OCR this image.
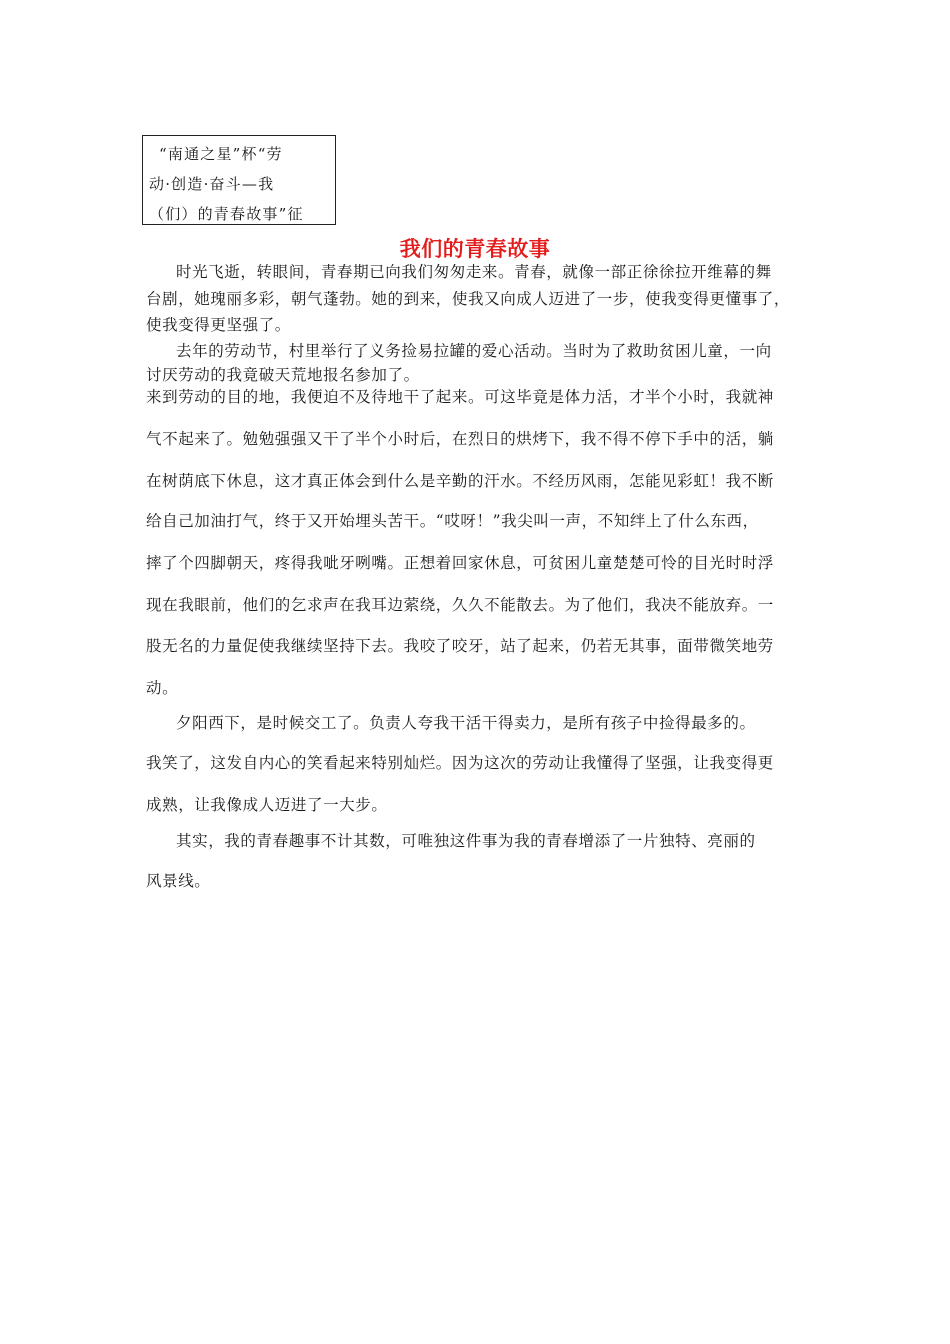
“南通之星”杯“劳
动·创造·奋斗—我
（们）的青春故事”征
我们的青春故事
时光飞逝，转眼间，青春期已向我们匆匆走来。青春，就像一部正徐徐拉开维幕的舞
台剧，她瑰丽多彩，朝气蓬勃。她的到来，使我又向成人迈进了一步，使我变得更懂事了，
使我变得更坚强了。
去年的劳动节，村里举行了义务捡易拉罐的爱心活动。当时为了救助贫困儿童，一向
讨厌劳动的我竟破天荒地报名参加了。
来到劳动的目的地，我便迫不及待地干了起来。可这毕竟是体力活，才半个小时，我就神
气不起来了。勉勉强强又干了半个小时后，在烈日的烘烤下，我不得不停下手中的活，躺
在树荫底下休息，这才真正体会到什么是辛勤的汗水。不经历风雨，怎能见彩虹！我不断
给自己加油打气，终于又开始埋头苦干。“哎呀！”我尖叫一声，不知绊上了什么东西，
摔了个四脚朝天，疼得我呲牙咧嘴。正想着回家休息，可贫困儿童楚楚可怜的目光时时浮
现在我眼前，他们的乞求声在我耳边萦绕，久久不能散去。为了他们，我决不能放弃。一
股无名的力量促使我继续坚持下去。我咬了咬牙，站了起来，仍若无其事，面带微笑地劳
动。
夕阳西下，是时候交工了。负责人夸我干活干得卖力，是所有孩子中捡得最多的。
我笑了，这发自内心的笑看起来特别灿烂。因为这次的劳动让我懂得了坚强，让我变得更
成熟，让我像成人迈进了一大步。
其实，我的青春趣事不计其数，可唯独这件事为我的青春增添了一片独特、亮丽的
风景线。
